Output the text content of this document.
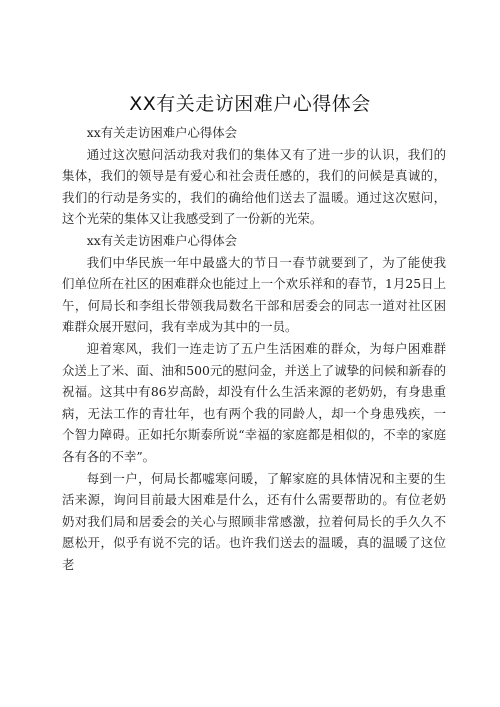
XX有关走访困难户心得体会

xx有关走访困难户心得体会

通过这次慰问活动我对我们的集体又有了进一步的认识，我们的集体，我们的领导是有爱心和社会责任感的，我们的问候是真诚的，我们的行动是务实的，我们的确给他们送去了温暖。通过这次慰问，这个光荣的集体又让我感受到了一份新的光荣。

xx有关走访困难户心得体会

我们中华民族一年中最盛大的节日一春节就要到了，为了能使我们单位所在社区的困难群众也能过上一个欢乐祥和的春节，1月25日上午，何局长和李组长带领我局数名干部和居委会的同志一道对社区困难群众展开慰问，我有幸成为其中的一员。

迎着寒风，我们一连走访了五户生活困难的群众，为每户困难群众送上了米、面、油和500元的慰问金，并送上了诚挚的问候和新春的祝福。这其中有86岁高龄，却没有什么生活来源的老奶奶，有身患重病，无法工作的青壮年，也有两个我的同龄人，却一个身患残疾，一个智力障碍。正如托尔斯泰所说“幸福的家庭都是相似的，不幸的家庭各有各的不幸”。

每到一户，何局长都嘘寒问暖，了解家庭的具体情况和主要的生活来源，询问目前最大困难是什么，还有什么需要帮助的。有位老奶奶对我们局和居委会的关心与照顾非常感激，拉着何局长的手久久不愿松开，似乎有说不完的话。也许我们送去的温暖，真的温暖了这位老
